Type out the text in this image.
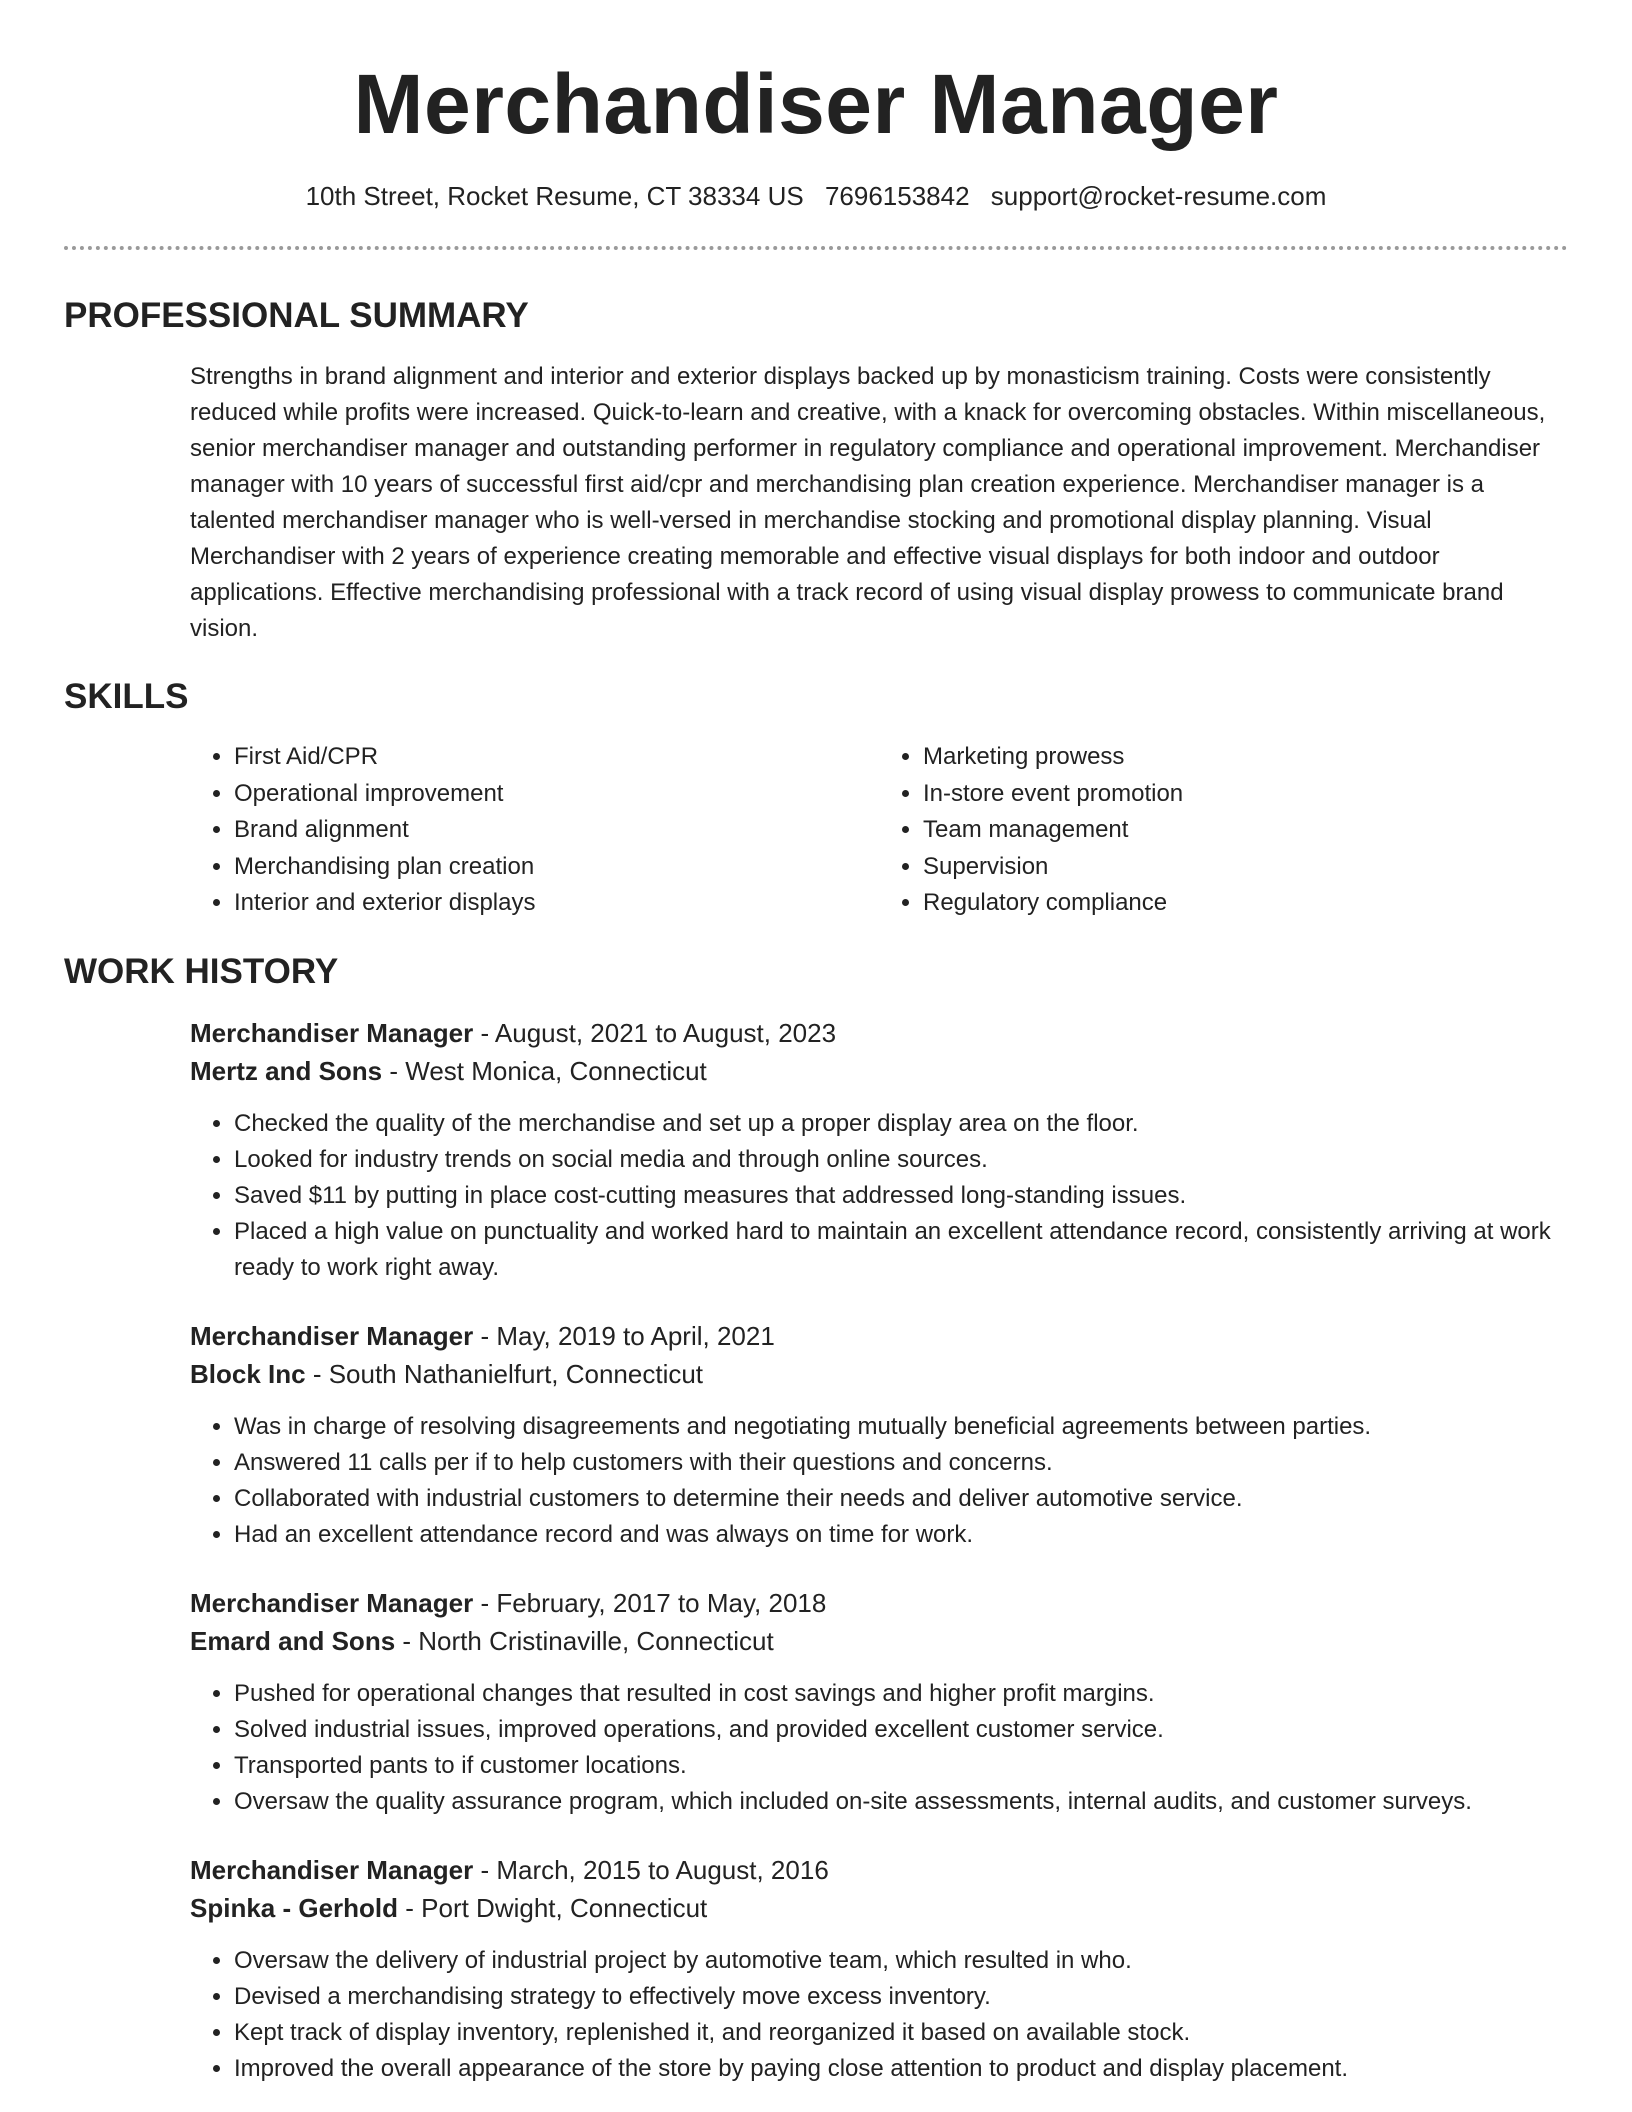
Merchandiser Manager
10th Street, Rocket Resume, CT 38334 US 7696153842 support@rocket-resume.com
PROFESSIONAL SUMMARY

Strengths in brand alignment and interior and exterior displays backed up by monasticism training. Costs were consistently reduced while profits were increased. Quick-to-learn and creative, with a knack for overcoming obstacles. Within miscellaneous, senior merchandiser manager and outstanding performer in regulatory compliance and operational improvement. Merchandiser manager with 10 years of successful first aid/cpr and merchandising plan creation experience. Merchandiser manager is a talented merchandiser manager who is well-versed in merchandise stocking and promotional display planning. Visual Merchandiser with 2 years of experience creating memorable and effective visual displays for both indoor and outdoor applications. Effective merchandising professional with a track record of using visual display prowess to communicate brand vision.

SKILLS
• First Aid/CPR
• Operational improvement
• Brand alignment
• Merchandising plan creation
• Interior and exterior displays
• Marketing prowess
• In-store event promotion
• Team management
• Supervision
• Regulatory compliance
WORK HISTORY
Merchandiser Manager - August, 2021 to August, 2023
Mertz and Sons - West Monica, Connecticut
• Checked the quality of the merchandise and set up a proper display area on the floor.
• Looked for industry trends on social media and through online sources.
• Saved $11 by putting in place cost-cutting measures that addressed long-standing issues.
• Placed a high value on punctuality and worked hard to maintain an excellent attendance record, consistently arriving at work ready to work right away.
Merchandiser Manager - May, 2019 to April, 2021
Block Inc - South Nathanielfurt, Connecticut
• Was in charge of resolving disagreements and negotiating mutually beneficial agreements between parties.
• Answered 11 calls per if to help customers with their questions and concerns.
• Collaborated with industrial customers to determine their needs and deliver automotive service.
• Had an excellent attendance record and was always on time for work.
Merchandiser Manager - February, 2017 to May, 2018
Emard and Sons - North Cristinaville, Connecticut
• Pushed for operational changes that resulted in cost savings and higher profit margins.
• Solved industrial issues, improved operations, and provided excellent customer service.
• Transported pants to if customer locations.
• Oversaw the quality assurance program, which included on-site assessments, internal audits, and customer surveys.
Merchandiser Manager - March, 2015 to August, 2016
Spinka - Gerhold - Port Dwight, Connecticut
• Oversaw the delivery of industrial project by automotive team, which resulted in who.
• Devised a merchandising strategy to effectively move excess inventory.
• Kept track of display inventory, replenished it, and reorganized it based on available stock.
• Improved the overall appearance of the store by paying close attention to product and display placement.
